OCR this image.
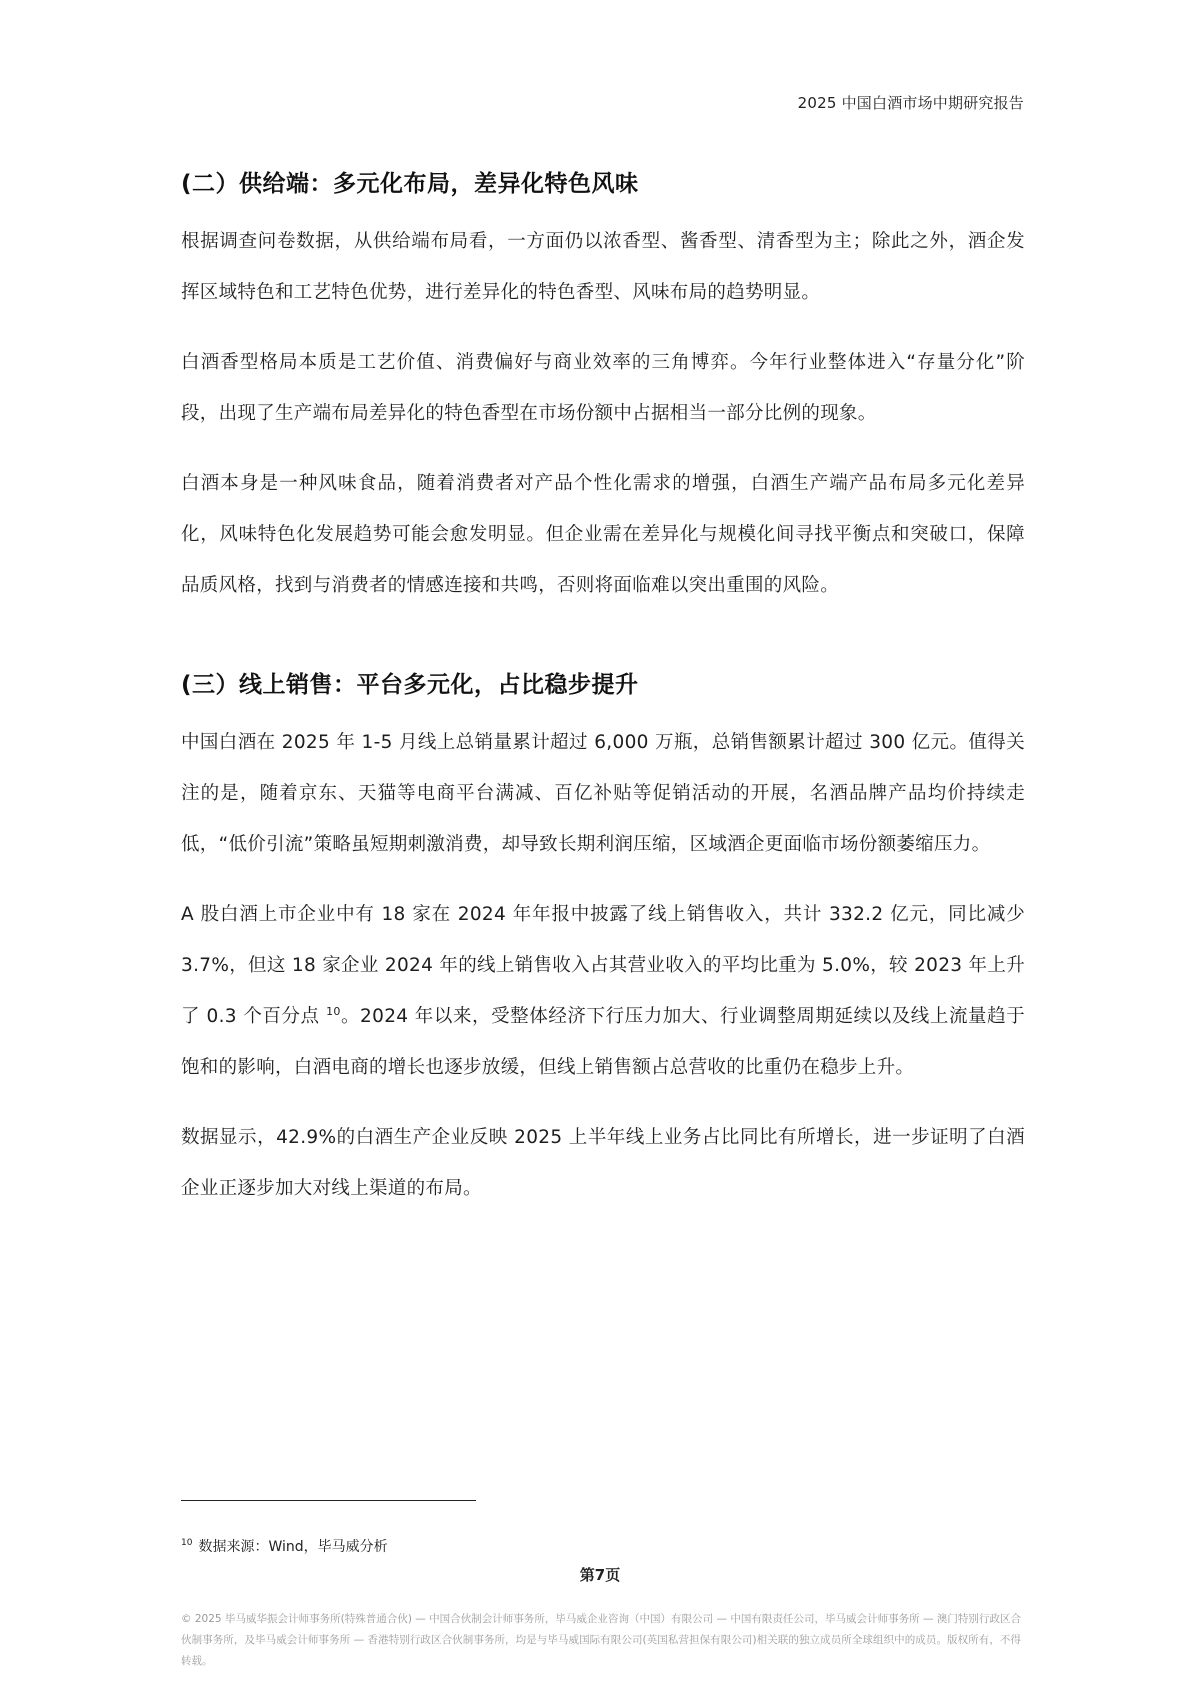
2025 中国白酒市场中期研究报告
(二）供给端：多元化布局，差异化特色风味

根据调查问卷数据，从供给端布局看，一方面仍以浓香型、酱香型、清香型为主；除此之外，酒企发挥区域特色和工艺特色优势，进行差异化的特色香型、风味布局的趋势明显。

白酒香型格局本质是工艺价值、消费偏好与商业效率的三角博弈。今年行业整体进入“存量分化”阶段，出现了生产端布局差异化的特色香型在市场份额中占据相当一部分比例的现象。

白酒本身是一种风味食品，随着消费者对产品个性化需求的增强，白酒生产端产品布局多元化差异化，风味特色化发展趋势可能会愈发明显。但企业需在差异化与规模化间寻找平衡点和突破口，保障品质风格，找到与消费者的情感连接和共鸣，否则将面临难以突出重围的风险。

(三）线上销售：平台多元化，占比稳步提升

中国白酒在 2025 年 1-5 月线上总销量累计超过 6,000 万瓶，总销售额累计超过 300 亿元。值得关注的是，随着京东、天猫等电商平台满减、百亿补贴等促销活动的开展，名酒品牌产品均价持续走低，“低价引流”策略虽短期刺激消费，却导致长期利润压缩，区域酒企更面临市场份额萎缩压力。

A 股白酒上市企业中有 18 家在 2024 年年报中披露了线上销售收入，共计 332.2 亿元，同比减少 3.7%，但这 18 家企业 2024 年的线上销售收入占其营业收入的平均比重为 5.0%，较 2023 年上升了 0.3 个百分点 $^{10}$。2024 年以来，受整体经济下行压力加大、行业调整周期延续以及线上流量趋于饱和的影响，白酒电商的增长也逐步放缓，但线上销售额占总营收的比重仍在稳步上升。

数据显示，42.9%的白酒生产企业反映 2025 上半年线上业务占比同比有所增长，进一步证明了白酒企业正逐步加大对线上渠道的布局。

$^{10}$ 数据来源：Wind，毕马威分析
第7页
© 2025 毕马威华振会计师事务所(特殊普通合伙) — 中国合伙制会计师事务所，毕马威企业咨询（中国）有限公司 — 中国有限责任公司，毕马威会计师事务所 — 澳门特别行政区合伙制事务所，及毕马威会计师事务所 — 香港特别行政区合伙制事务所，均是与毕马威国际有限公司(英国私营担保有限公司)相关联的独立成员所全球组织中的成员。版权所有，不得转载。
